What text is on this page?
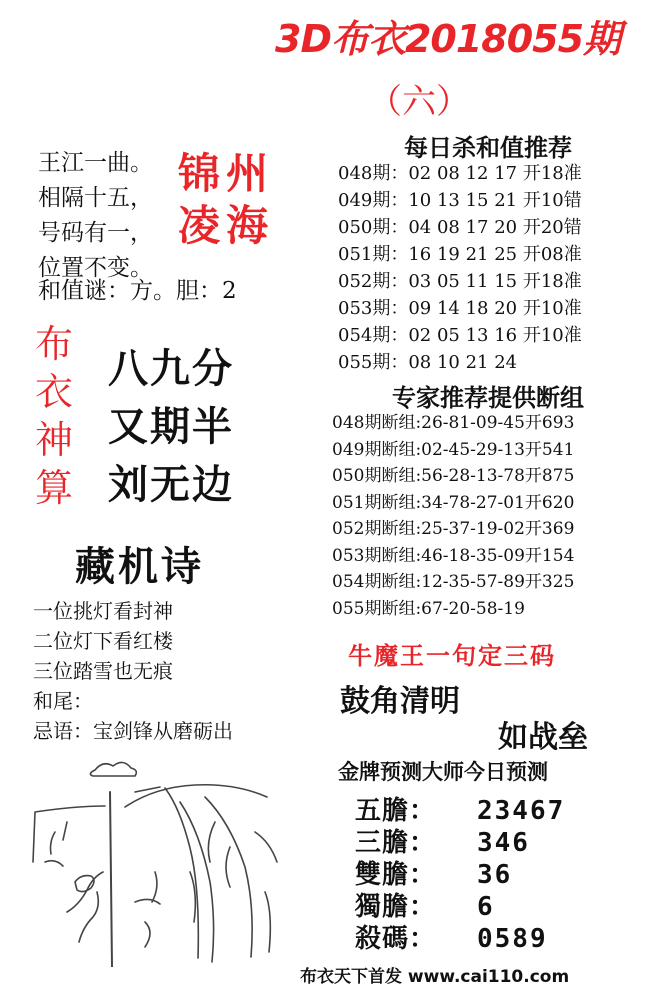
3D布衣2018055期
（六）
王江一曲。
相隔十五，
号码有一，
位置不变。
锦州
凌海
和值谜：方。胆：2
布
衣
神
算
八九分
又期半
刘无边
藏机诗
一位挑灯看封神
二位灯下看红楼
三位踏雪也无痕
和尾：
忌语：宝剑锋从磨砺出
每日杀和值推荐
048期：02 08 12 17 开18准
049期：10 13 15 21 开10错
050期：04 08 17 20 开20错
051期：16 19 21 25 开08准
052期：03 05 11 15 开18准
053期：09 14 18 20 开10准
054期：02 05 13 16 开10准
055期：08 10 21 24
专家推荐提供断组
048期断组:26-81-09-45开693
049期断组:02-45-29-13开541
050期断组:56-28-13-78开875
051期断组:34-78-27-01开620
052期断组:25-37-19-02开369
053期断组:46-18-35-09开154
054期断组:12-35-57-89开325
055期断组:67-20-58-19
牛魔王一句定三码
鼓角清明
如战垒
金牌预测大师今日预测
五膽： 23467
三膽： 346
雙膽： 36
獨膽： 6
殺碼： 0589
布衣天下首发 www.cai110.com
